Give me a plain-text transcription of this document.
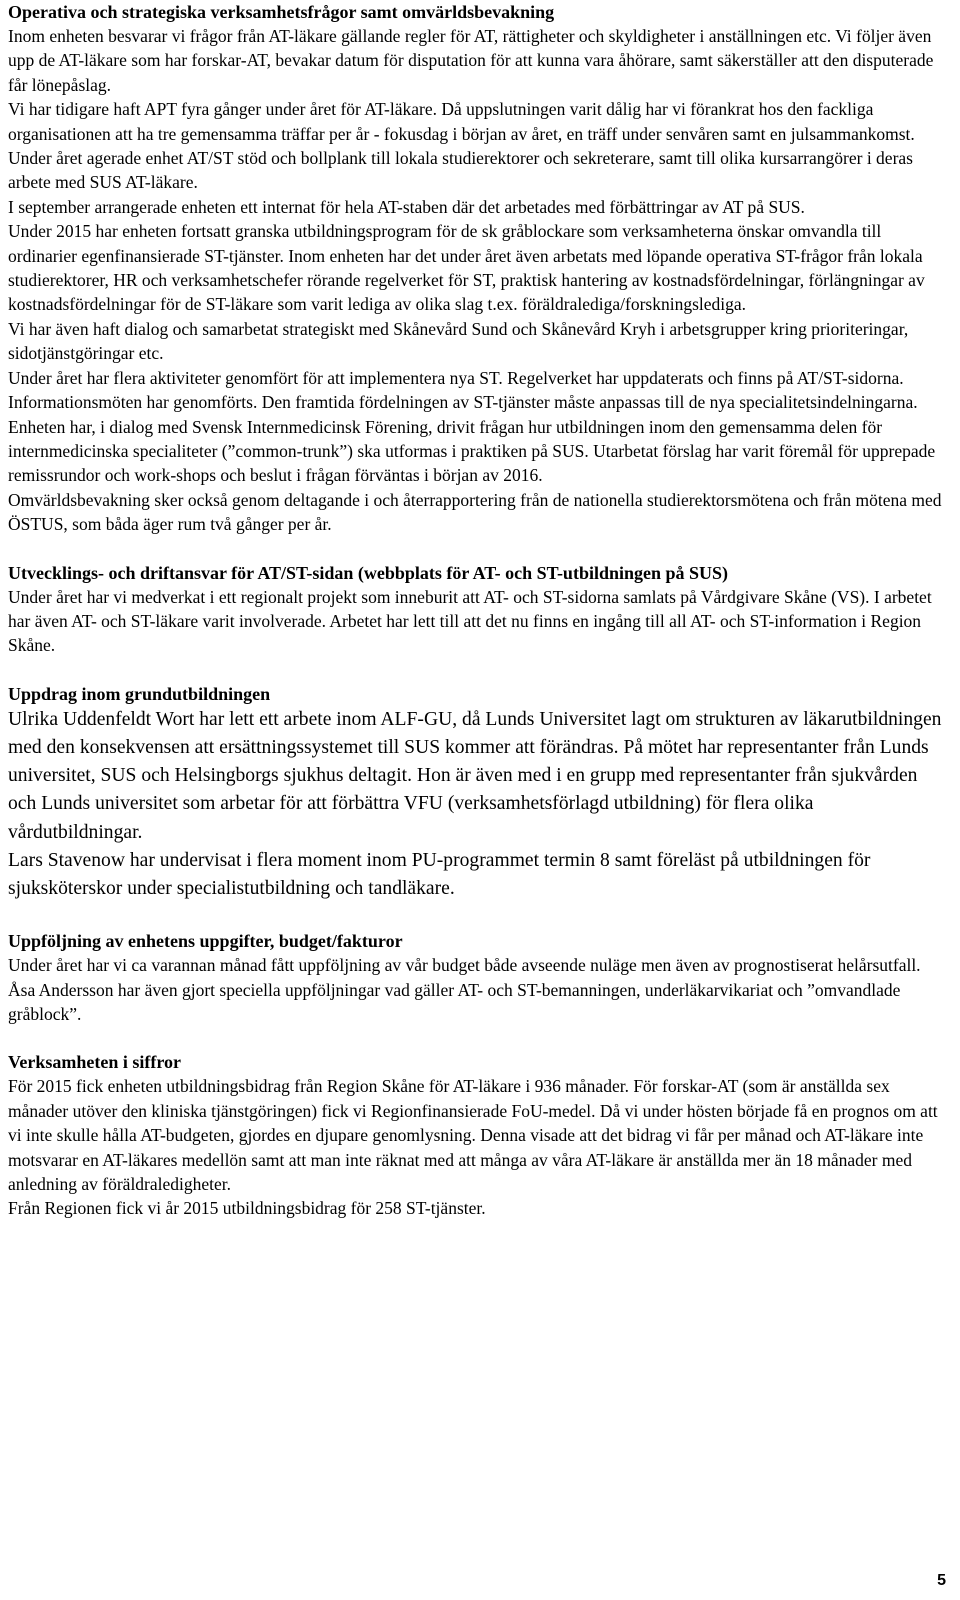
Operativa och strategiska verksamhetsfrågor samt omvärldsbevakning

Inom enheten besvarar vi frågor från AT-läkare gällande regler för AT, rättigheter och skyldigheter i anställningen etc. Vi följer även upp de AT-läkare som har forskar-AT, bevakar datum för disputation för att kunna vara åhörare, samt säkerställer att den disputerade får lönepåslag.

Vi har tidigare haft APT fyra gånger under året för AT-läkare. Då uppslutningen varit dålig har vi förankrat hos den fackliga organisationen att ha tre gemensamma träffar per år - fokusdag i början av året, en träff under senvåren samt en julsammankomst.

Under året agerade enhet AT/ST stöd och bollplank till lokala studierektorer och sekreterare, samt till olika kursarrangörer i deras arbete med SUS AT-läkare.

I september arrangerade enheten ett internat för hela AT-staben där det arbetades med förbättringar av AT på SUS.

Under 2015 har enheten fortsatt granska utbildningsprogram för de sk gråblockare som verksamheterna önskar omvandla till ordinarier egenfinansierade ST-tjänster. Inom enheten har det under året även arbetats med löpande operativa ST-frågor från lokala studierektorer, HR och verksamhetschefer rörande regelverket för ST, praktisk hantering av kostnadsfördelningar, förlängningar av kostnadsfördelningar för de ST-läkare som varit lediga av olika slag t.ex. föräldralediga/forskningslediga.

Vi har även haft dialog och samarbetat strategiskt med Skånevård Sund och Skånevård Kryh i arbetsgrupper kring prioriteringar, sidotjänstgöringar etc.

Under året har flera aktiviteter genomfört för att implementera nya ST. Regelverket har uppdaterats och finns på AT/ST-sidorna. Informationsmöten har genomförts. Den framtida fördelningen av ST-tjänster måste anpassas till de nya specialitetsindelningarna. Enheten har, i dialog med Svensk Internmedicinsk Förening, drivit frågan hur utbildningen inom den gemensamma delen för internmedicinska specialiteter (”common-trunk”) ska utformas i praktiken på SUS. Utarbetat förslag har varit föremål för upprepade remissrundor och work-shops och beslut i frågan förväntas i början av 2016.

Omvärldsbevakning sker också genom deltagande i och återrapportering från de nationella studierektorsmötena och från mötena med ÖSTUS, som båda äger rum två gånger per år.

Utvecklings- och driftansvar för AT/ST-sidan (webbplats för AT- och ST-utbildningen på SUS)

Under året har vi medverkat i ett regionalt projekt som inneburit att AT- och ST-sidorna samlats på Vårdgivare Skåne (VS). I arbetet har även AT- och ST-läkare varit involverade. Arbetet har lett till att det nu finns en ingång till all AT- och ST-information i Region Skåne.

Uppdrag inom grundutbildningen

Ulrika Uddenfeldt Wort har lett ett arbete inom ALF-GU, då Lunds Universitet lagt om strukturen av läkarutbildningen med den konsekvensen att ersättningssystemet till SUS kommer att förändras. På mötet har representanter från Lunds universitet, SUS och Helsingborgs sjukhus deltagit. Hon är även med i en grupp med representanter från sjukvården och Lunds universitet som arbetar för att förbättra VFU (verksamhetsförlagd utbildning) för flera olika vårdutbildningar.

Lars Stavenow har undervisat i flera moment inom PU-programmet termin 8 samt föreläst på utbildningen för sjuksköterskor under specialistutbildning och tandläkare.

Uppföljning av enhetens uppgifter, budget/fakturor

Under året har vi ca varannan månad fått uppföljning av vår budget både avseende nuläge men även av prognostiserat helårsutfall. Åsa Andersson har även gjort speciella uppföljningar vad gäller AT- och ST-bemanningen, underläkarvikariat och ”omvandlade gråblock”.

Verksamheten i siffror

För 2015 fick enheten utbildningsbidrag från Region Skåne för AT-läkare i 936 månader. För forskar-AT (som är anställda sex månader utöver den kliniska tjänstgöringen) fick vi Regionfinansierade FoU-medel. Då vi under hösten började få en prognos om att vi inte skulle hålla AT-budgeten, gjordes en djupare genomlysning. Denna visade att det bidrag vi får per månad och AT-läkare inte motsvarar en AT-läkares medellön samt att man inte räknat med att många av våra AT-läkare är anställda mer än 18 månader med anledning av föräldraledigheter.

Från Regionen fick vi år 2015 utbildningsbidrag för 258 ST-tjänster.

5
